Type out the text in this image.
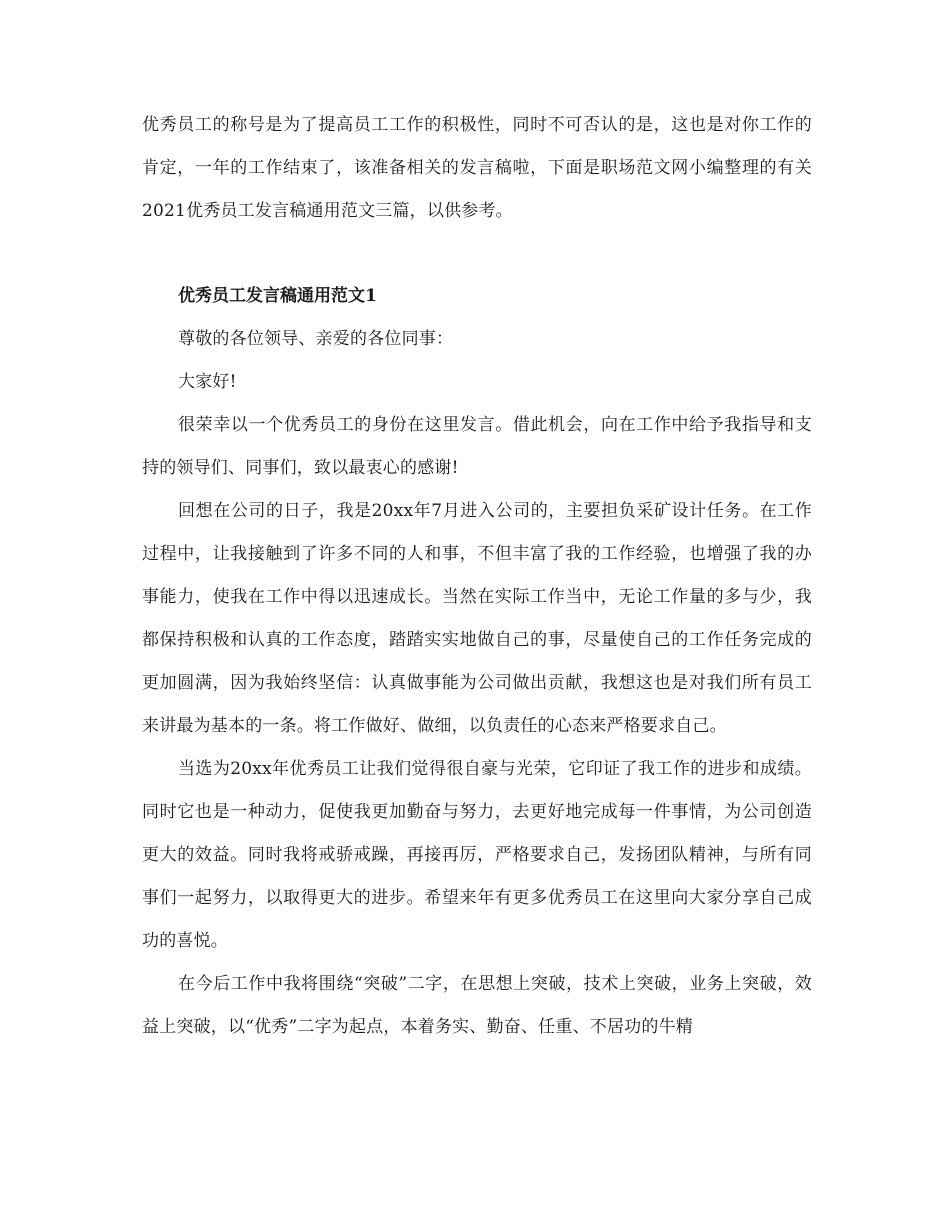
优秀员工的称号是为了提高员工工作的积极性，同时不可否认的是，这也是对你工作的肯定，一年的工作结束了，该准备相关的发言稿啦，下面是职场范文网小编整理的有关2021优秀员工发言稿通用范文三篇，以供参考。

优秀员工发言稿通用范文1

尊敬的各位领导、亲爱的各位同事：

大家好!

很荣幸以一个优秀员工的身份在这里发言。借此机会，向在工作中给予我指导和支持的领导们、同事们，致以最衷心的感谢!

回想在公司的日子，我是20xx年7月进入公司的，主要担负采矿设计任务。在工作过程中，让我接触到了许多不同的人和事，不但丰富了我的工作经验，也增强了我的办事能力，使我在工作中得以迅速成长。当然在实际工作当中，无论工作量的多与少，我都保持积极和认真的工作态度，踏踏实实地做自己的事，尽量使自己的工作任务完成的更加圆满，因为我始终坚信：认真做事能为公司做出贡献，我想这也是对我们所有员工来讲最为基本的一条。将工作做好、做细，以负责任的心态来严格要求自己。

当选为20xx年优秀员工让我们觉得很自豪与光荣，它印证了我工作的进步和成绩。同时它也是一种动力，促使我更加勤奋与努力，去更好地完成每一件事情，为公司创造更大的效益。同时我将戒骄戒躁，再接再厉，严格要求自己，发扬团队精神，与所有同事们一起努力，以取得更大的进步。希望来年有更多优秀员工在这里向大家分享自己成功的喜悦。

在今后工作中我将围绕“突破”二字，在思想上突破，技术上突破，业务上突破，效益上突破，以“优秀”二字为起点，本着务实、勤奋、任重、不居功的牛精
